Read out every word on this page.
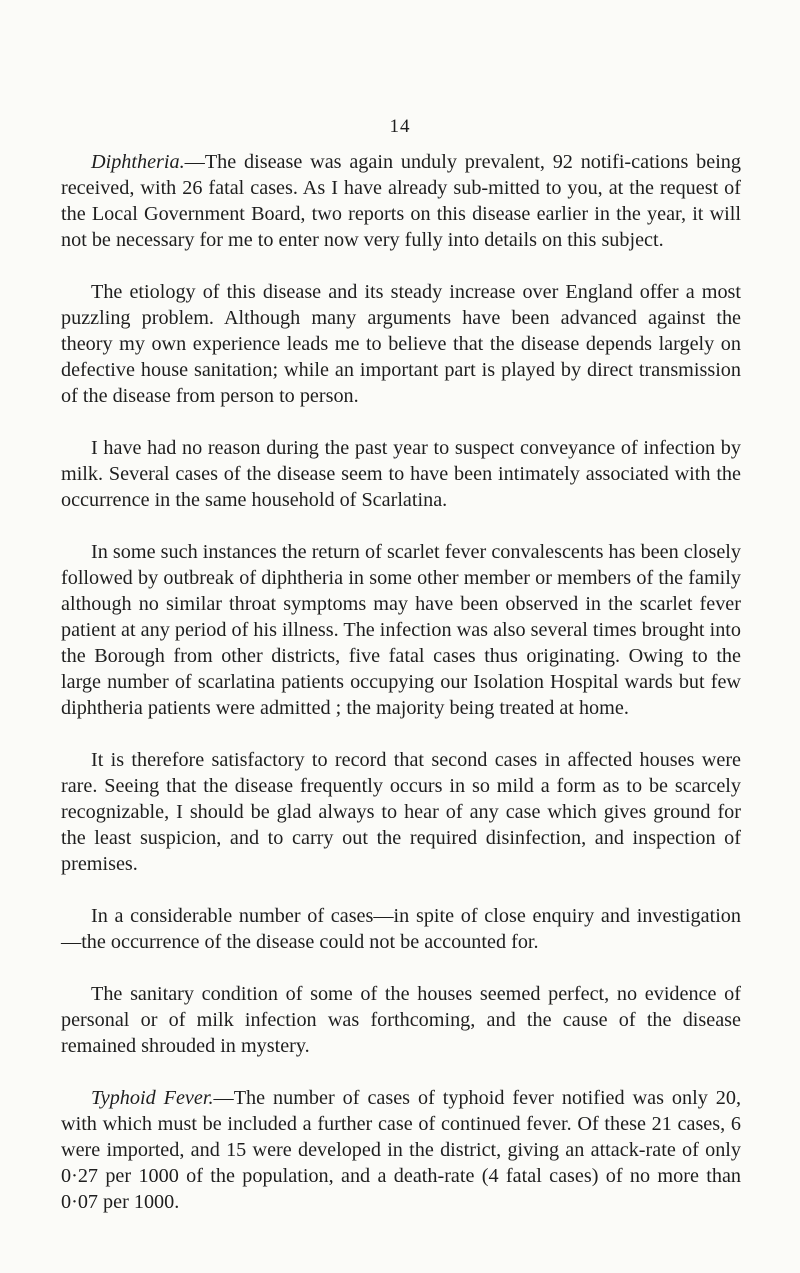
14

Diphtheria.—The disease was again unduly prevalent, 92 notifi-cations being received, with 26 fatal cases. As I have already sub-mitted to you, at the request of the Local Government Board, two reports on this disease earlier in the year, it will not be necessary for me to enter now very fully into details on this subject.

The etiology of this disease and its steady increase over England offer a most puzzling problem. Although many arguments have been advanced against the theory my own experience leads me to believe that the disease depends largely on defective house sanitation; while an important part is played by direct transmission of the disease from person to person.

I have had no reason during the past year to suspect conveyance of infection by milk. Several cases of the disease seem to have been intimately associated with the occurrence in the same household of Scarlatina.

In some such instances the return of scarlet fever convalescents has been closely followed by outbreak of diphtheria in some other member or members of the family although no similar throat symptoms may have been observed in the scarlet fever patient at any period of his illness. The infection was also several times brought into the Borough from other districts, five fatal cases thus originating. Owing to the large number of scarlatina patients occupying our Isolation Hospital wards but few diphtheria patients were admitted ; the majority being treated at home.

It is therefore satisfactory to record that second cases in affected houses were rare. Seeing that the disease frequently occurs in so mild a form as to be scarcely recognizable, I should be glad always to hear of any case which gives ground for the least suspicion, and to carry out the required disinfection, and inspection of premises.

In a considerable number of cases—in spite of close enquiry and investigation—the occurrence of the disease could not be accounted for.

The sanitary condition of some of the houses seemed perfect, no evidence of personal or of milk infection was forthcoming, and the cause of the disease remained shrouded in mystery.

Typhoid Fever.—The number of cases of typhoid fever notified was only 20, with which must be included a further case of continued fever. Of these 21 cases, 6 were imported, and 15 were developed in the district, giving an attack-rate of only 0·27 per 1000 of the population, and a death-rate (4 fatal cases) of no more than 0·07 per 1000.
